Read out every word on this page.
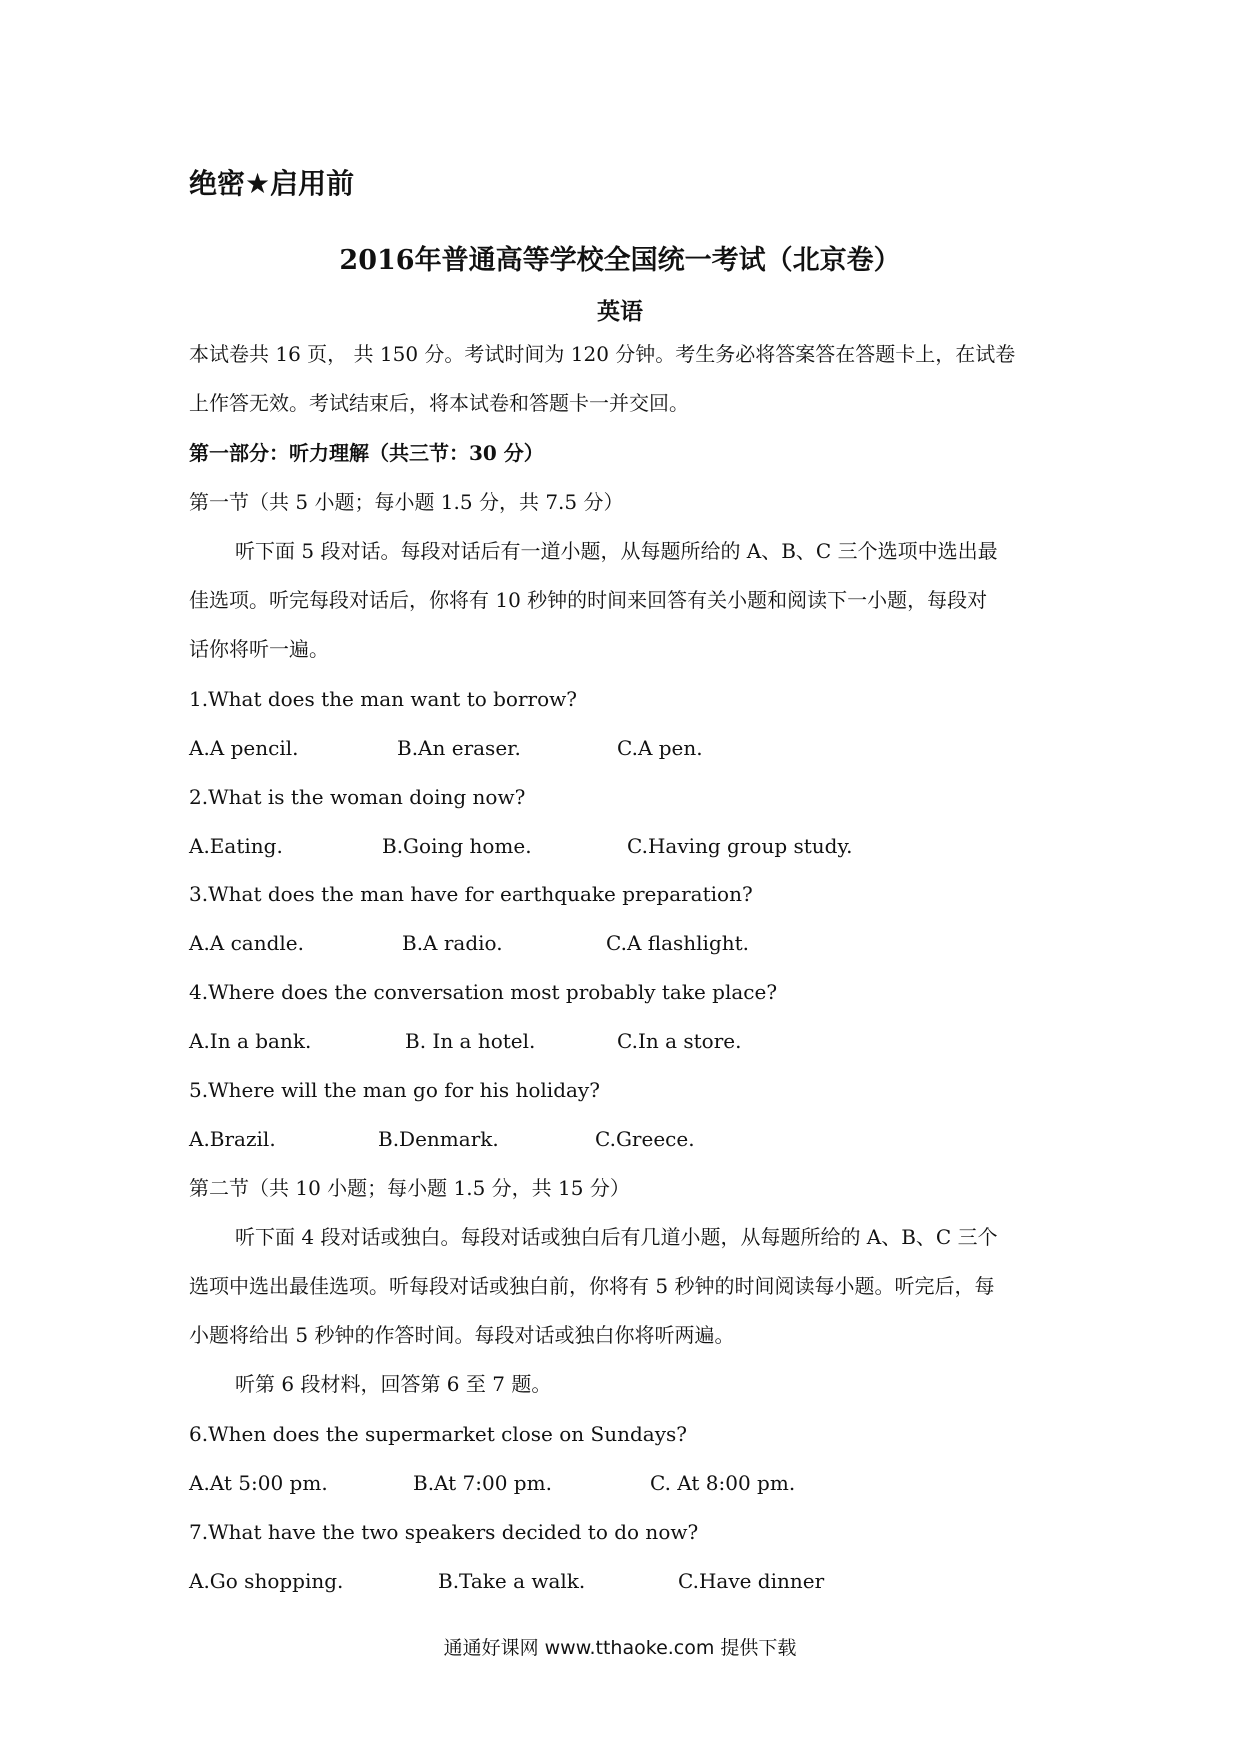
绝密★启用前
2016年普通高等学校全国统一考试（北京卷）
英语
本试卷共 16 页， 共 150 分。考试时间为 120 分钟。考生务必将答案答在答题卡上，在试卷
上作答无效。考试结束后，将本试卷和答题卡一并交回。
第一部分：听力理解（共三节：30 分）
第一节（共 5 小题；每小题 1.5 分，共 7.5 分）
听下面 5 段对话。每段对话后有一道小题，从每题所给的 A、B、C 三个选项中选出最
佳选项。听完每段对话后，你将有 10 秒钟的时间来回答有关小题和阅读下一小题，每段对
话你将听一遍。
1.What does the man want to borrow?
A.A pencil.	B.An eraser.	C.A pen.
2.What is the woman doing now?
A.Eating.	B.Going home.	C.Having group study.
3.What does the man have for earthquake preparation?
A.A candle.	B.A radio.	C.A flashlight.
4.Where does the conversation most probably take place?
A.In a bank.	B. In a hotel.	C.In a store.
5.Where will the man go for his holiday?
A.Brazil.	B.Denmark.	C.Greece.
第二节（共 10 小题；每小题 1.5 分，共 15 分）
听下面 4 段对话或独白。每段对话或独白后有几道小题，从每题所给的 A、B、C 三个
选项中选出最佳选项。听每段对话或独白前，你将有 5 秒钟的时间阅读每小题。听完后，每
小题将给出 5 秒钟的作答时间。每段对话或独白你将听两遍。
听第 6 段材料，回答第 6 至 7 题。
6.When does the supermarket close on Sundays?
A.At 5:00 pm.	B.At 7:00 pm.	C. At 8:00 pm.
7.What have the two speakers decided to do now?
A.Go shopping.	B.Take a walk.	C.Have dinner
通通好课网 www.tthaoke.com 提供下载
